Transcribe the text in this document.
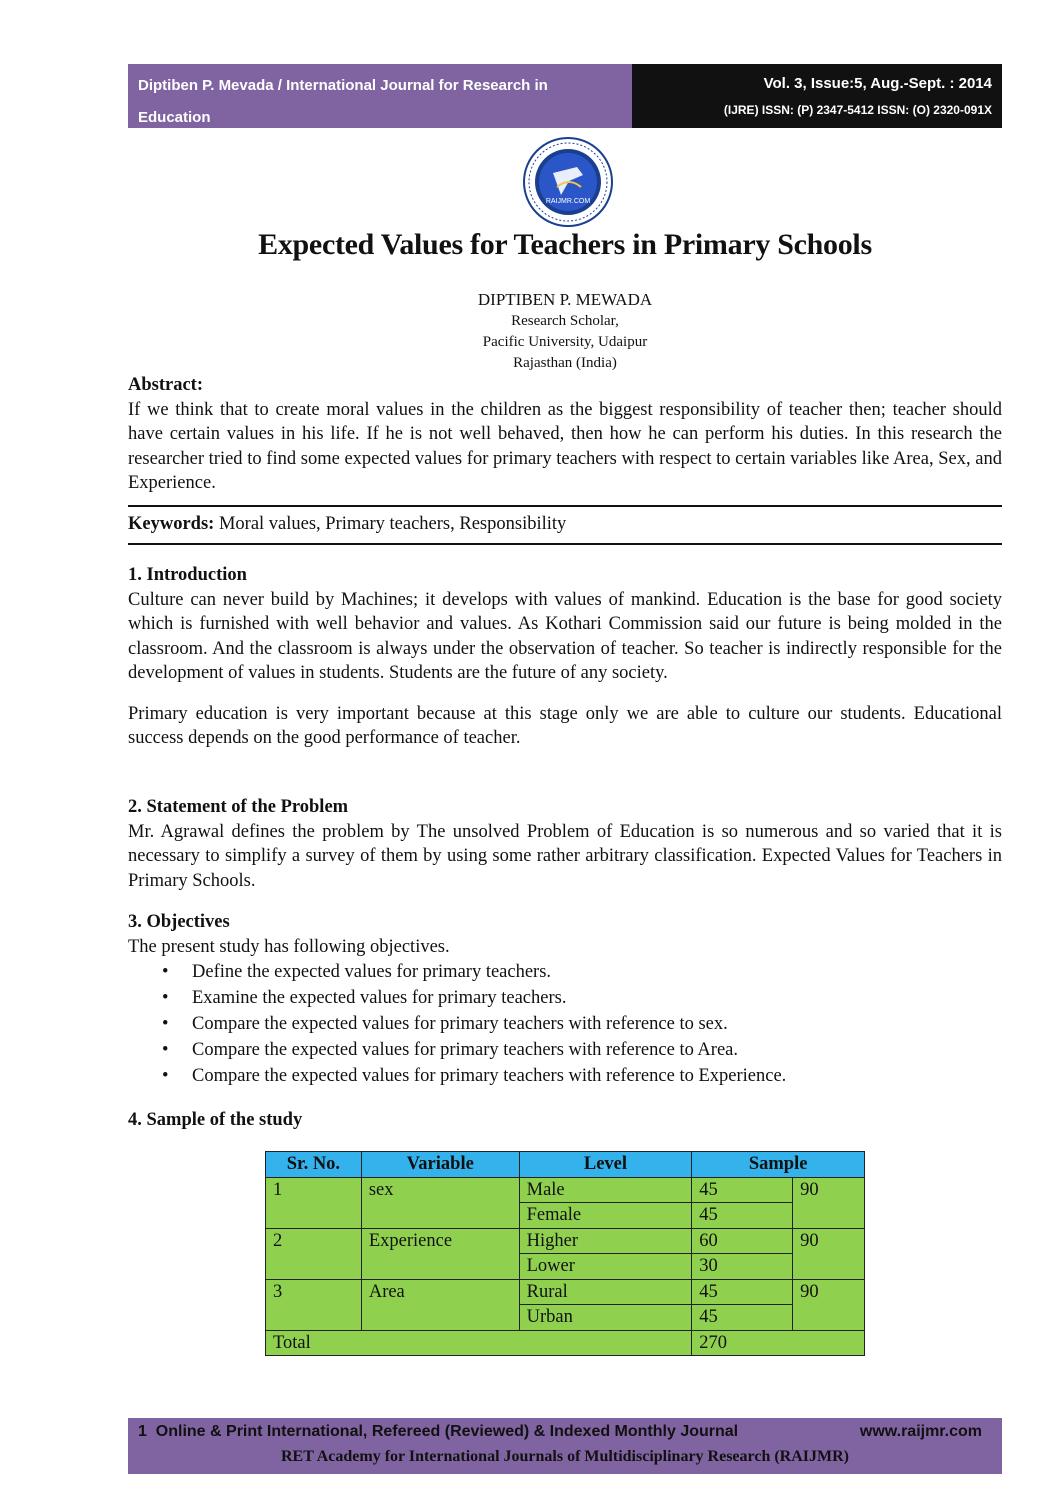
Diptiben P. Mevada / International Journal for Research in
Education
Vol. 3, Issue:5, Aug.-Sept. : 2014
(IJRE) ISSN: (P) 2347-5412 ISSN: (O) 2320-091X
RAIJMR.COM
Expected Values for Teachers in Primary Schools
DIPTIBEN P. MEWADA
Research Scholar,
Pacific University, Udaipur
Rajasthan (India)
Abstract:
If we think that to create moral values in the children as the biggest responsibility of teacher then; teacher should have certain values in his life. If he is not well behaved, then how he can perform his duties. In this research the researcher tried to find some expected values for primary teachers with respect to certain variables like Area, Sex, and Experience.
Keywords: Moral values, Primary teachers, Responsibility
1. Introduction
Culture can never build by Machines; it develops with values of mankind. Education is the base for good society which is furnished with well behavior and values. As Kothari Commission said our future is being molded in the classroom. And the classroom is always under the observation of teacher. So teacher is indirectly responsible for the development of values in students. Students are the future of any society.
Primary education is very important because at this stage only we are able to culture our students. Educational success depends on the good performance of teacher.
2. Statement of the Problem
Mr. Agrawal defines the problem by The unsolved Problem of Education is so numerous and so varied that it is necessary to simplify a survey of them by using some rather arbitrary classification. Expected Values for Teachers in Primary Schools.
3. Objectives
The present study has following objectives.
• Define the expected values for primary teachers.
• Examine the expected values for primary teachers.
• Compare the expected values for primary teachers with reference to sex.
• Compare the expected values for primary teachers with reference to Area.
• Compare the expected values for primary teachers with reference to Experience.
4. Sample of the study
Sr. No.	Variable	Level	Sample	
1	sex	Male	45	90
		Female	45	
2	Experience	Higher	60	90
		Lower	30	
3	Area	Rural	45	90
		Urban	45	
Total			270	
1 Online & Print International, Refereed (Reviewed) & Indexed Monthly Journal	www.raijmr.com
RET Academy for International Journals of Multidisciplinary Research (RAIJMR)
